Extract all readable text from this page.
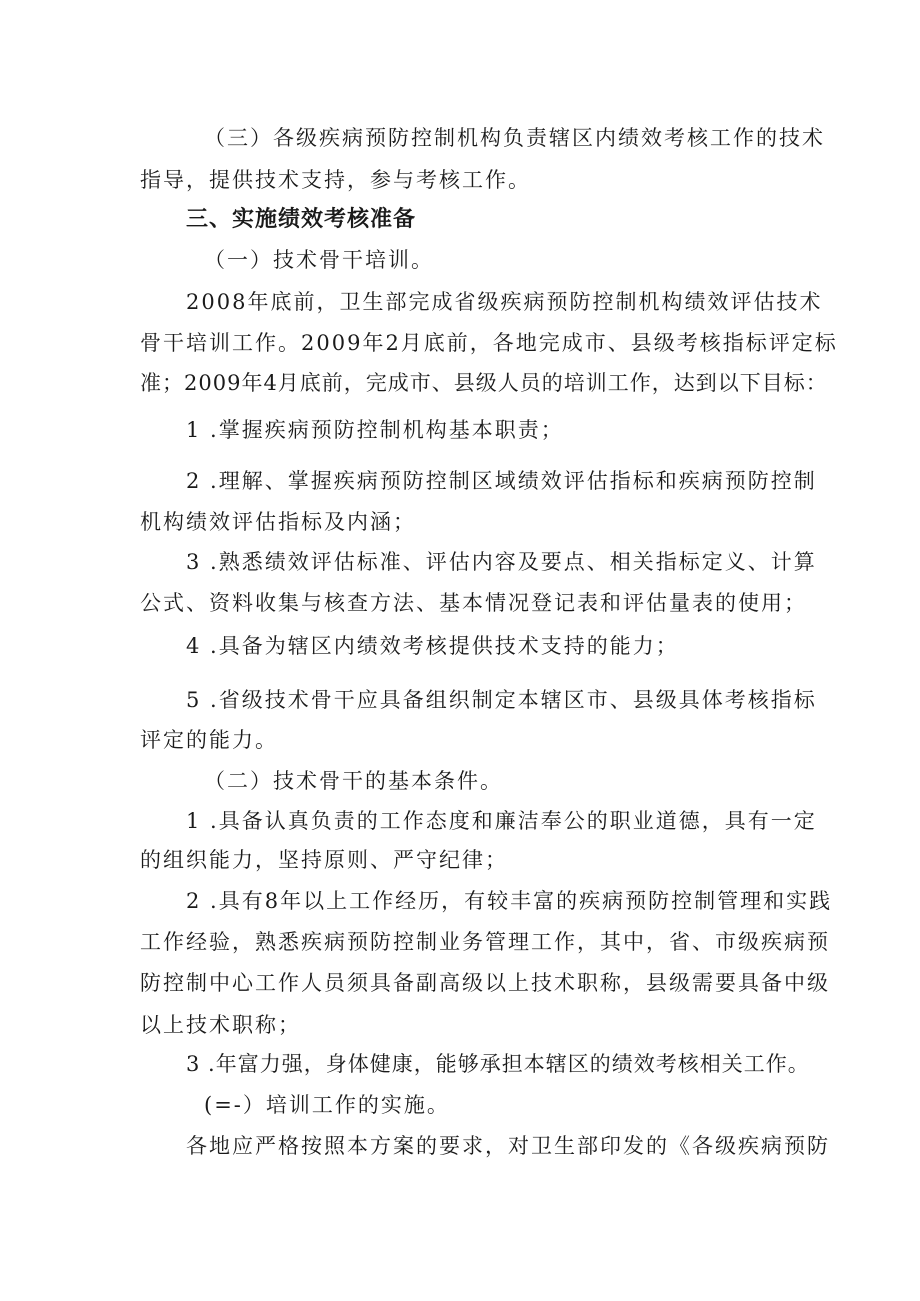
（三）各级疾病预防控制机构负责辖区内绩效考核工作的技术
指导，提供技术支持，参与考核工作。
三、实施绩效考核准备
（一）技术骨干培训。
2008年底前，卫生部完成省级疾病预防控制机构绩效评估技术
骨干培训工作。2009年2月底前，各地完成市、县级考核指标评定标
准；2009年4月底前，完成市、县级人员的培训工作，达到以下目标：
1 .掌握疾病预防控制机构基本职责；
2 .理解、掌握疾病预防控制区域绩效评估指标和疾病预防控制
机构绩效评估指标及内涵；
3 .熟悉绩效评估标准、评估内容及要点、相关指标定义、计算
公式、资料收集与核查方法、基本情况登记表和评估量表的使用；
4 .具备为辖区内绩效考核提供技术支持的能力；
5 .省级技术骨干应具备组织制定本辖区市、县级具体考核指标
评定的能力。
（二）技术骨干的基本条件。
1 .具备认真负责的工作态度和廉洁奉公的职业道德，具有一定
的组织能力，坚持原则、严守纪律；
2 .具有8年以上工作经历，有较丰富的疾病预防控制管理和实践
工作经验，熟悉疾病预防控制业务管理工作，其中，省、市级疾病预
防控制中心工作人员须具备副高级以上技术职称，县级需要具备中级
以上技术职称；
3 .年富力强，身体健康，能够承担本辖区的绩效考核相关工作。
(=-）培训工作的实施。
各地应严格按照本方案的要求，对卫生部印发的《各级疾病预防
